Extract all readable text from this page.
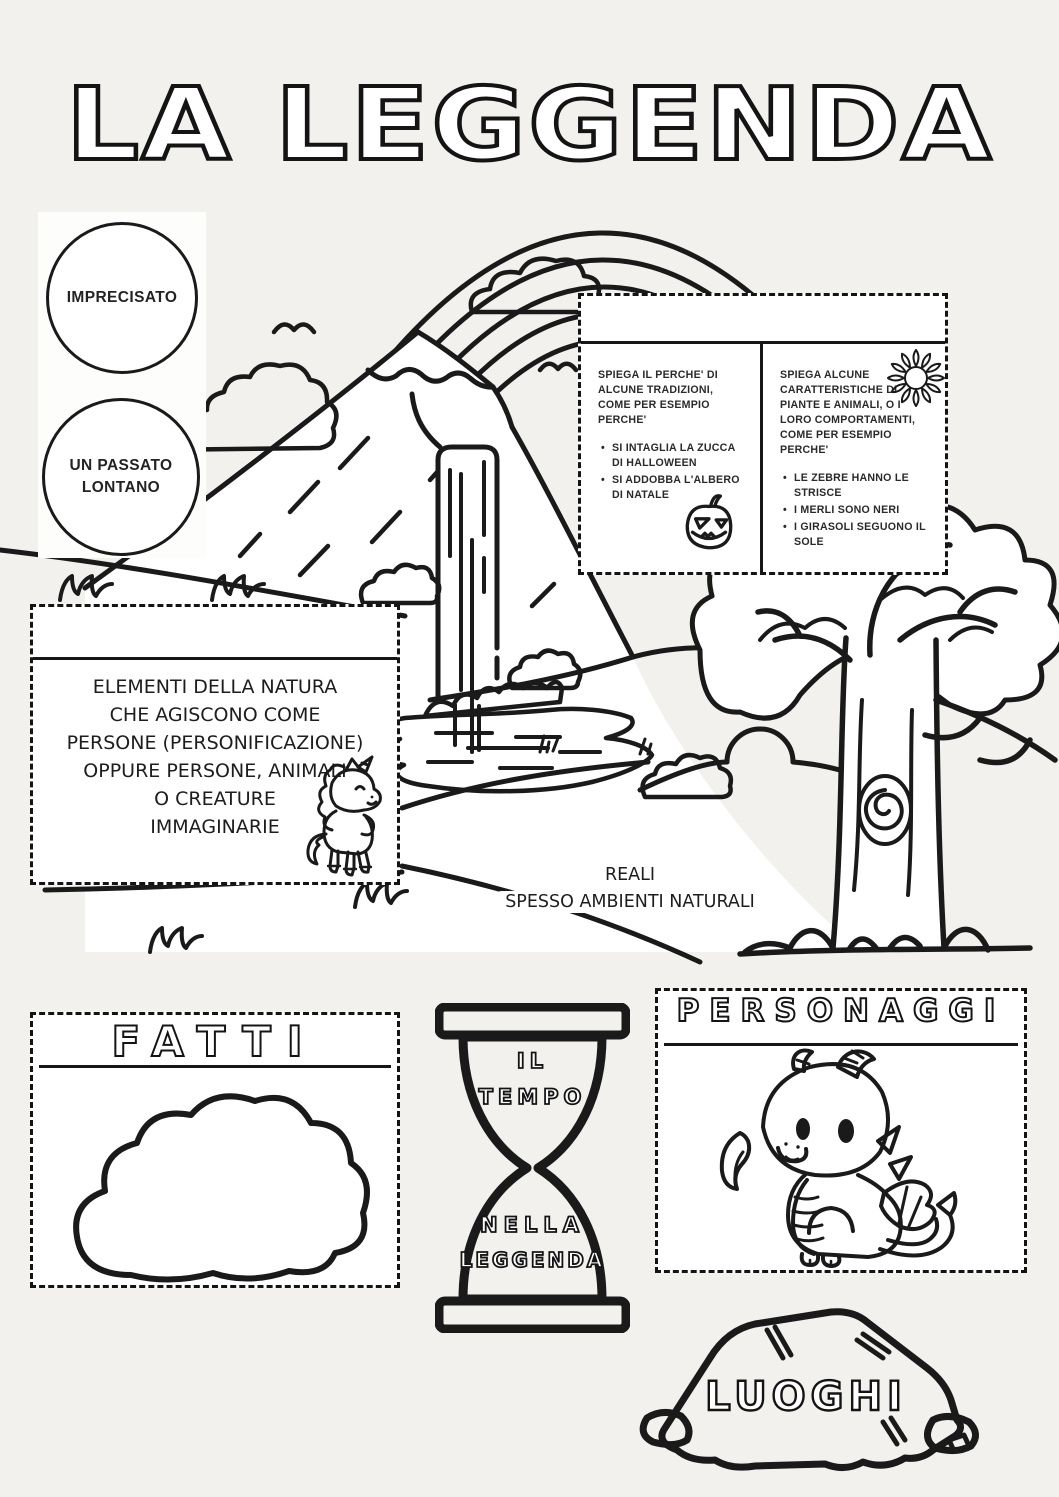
LA LEGGENDA
IMPRECISATO
UN PASSATO LONTANO

SPIEGA IL PERCHE' DI ALCUNE TRADIZIONI, COME PER ESEMPIO PERCHE'

• SI INTAGLIA LA ZUCCA DI HALLOWEEN
• SI ADDOBBA L'ALBERO DI NATALE

SPIEGA ALCUNE CARATTERISTICHE DI PIANTE E ANIMALI, O I LORO COMPORTAMENTI, COME PER ESEMPIO PERCHE'

• LE ZEBRE HANNO LE STRISCE
• I MERLI SONO NERI
• I GIRASOLI SEGUONO IL SOLE
ELEMENTI DELLA NATURA
CHE AGISCONO COME
PERSONE (PERSONIFICAZIONE)
OPPURE PERSONE, ANIMALI
O CREATURE
IMMAGINARIE
REALI
SPESSO AMBIENTI NATURALI
FATTI	IL
TEMPO
NELLA
LEGGENDA
PERSONAGGI
LUOGHI
